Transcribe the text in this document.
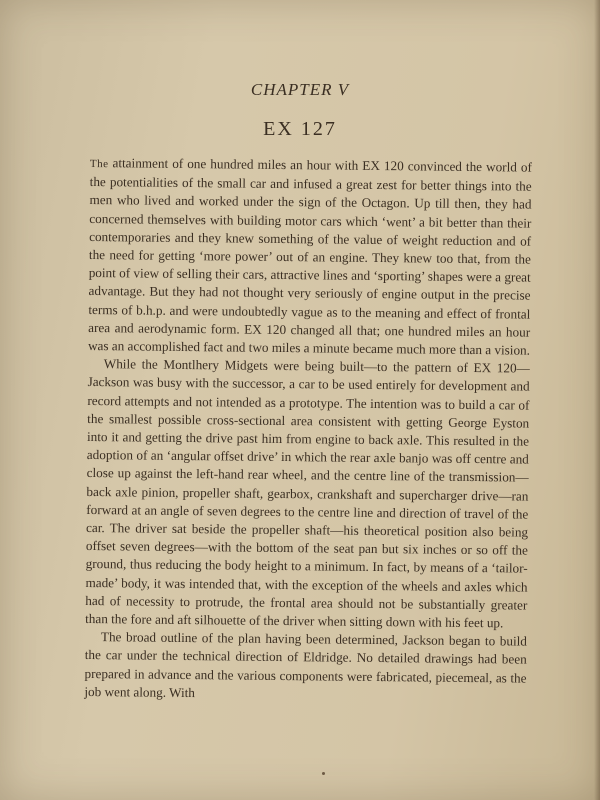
CHAPTER V
EX 127

The attainment of one hundred miles an hour with EX 120 convinced the world of the potentialities of the small car and infused a great zest for better things into the men who lived and worked under the sign of the Octagon. Up till then, they had concerned themselves with building motor cars which ‘went’ a bit better than their contemporaries and they knew something of the value of weight reduction and of the need for getting ‘more power’ out of an engine. They knew too that, from the point of view of selling their cars, attractive lines and ‘sporting’ shapes were a great advantage. But they had not thought very seriously of engine output in the precise terms of b.h.p. and were undoubtedly vague as to the meaning and effect of frontal area and aerodynamic form. EX 120 changed all that; one hundred miles an hour was an accomplished fact and two miles a minute became much more than a vision.

While the Montlhery Midgets were being built—to the pattern of EX 120—Jackson was busy with the successor, a car to be used entirely for development and record attempts and not intended as a prototype. The intention was to build a car of the smallest possible cross-sectional area consistent with getting George Eyston into it and getting the drive past him from engine to back axle. This resulted in the adoption of an ‘angular offset drive’ in which the rear axle banjo was off centre and close up against the left-hand rear wheel, and the centre line of the transmission—back axle pinion, propeller shaft, gearbox, crankshaft and supercharger drive—ran forward at an angle of seven degrees to the centre line and direction of travel of the car. The driver sat beside the propeller shaft—his theoretical position also being offset seven degrees—with the bottom of the seat pan but six inches or so off the ground, thus reducing the body height to a minimum. In fact, by means of a ‘tailor-made’ body, it was intended that, with the exception of the wheels and axles which had of necessity to protrude, the frontal area should not be substantially greater than the fore and aft silhouette of the driver when sitting down with his feet up.

The broad outline of the plan having been determined, Jackson began to build the car under the technical direction of Eldridge. No detailed drawings had been prepared in advance and the various components were fabricated, piecemeal, as the job went along. With
